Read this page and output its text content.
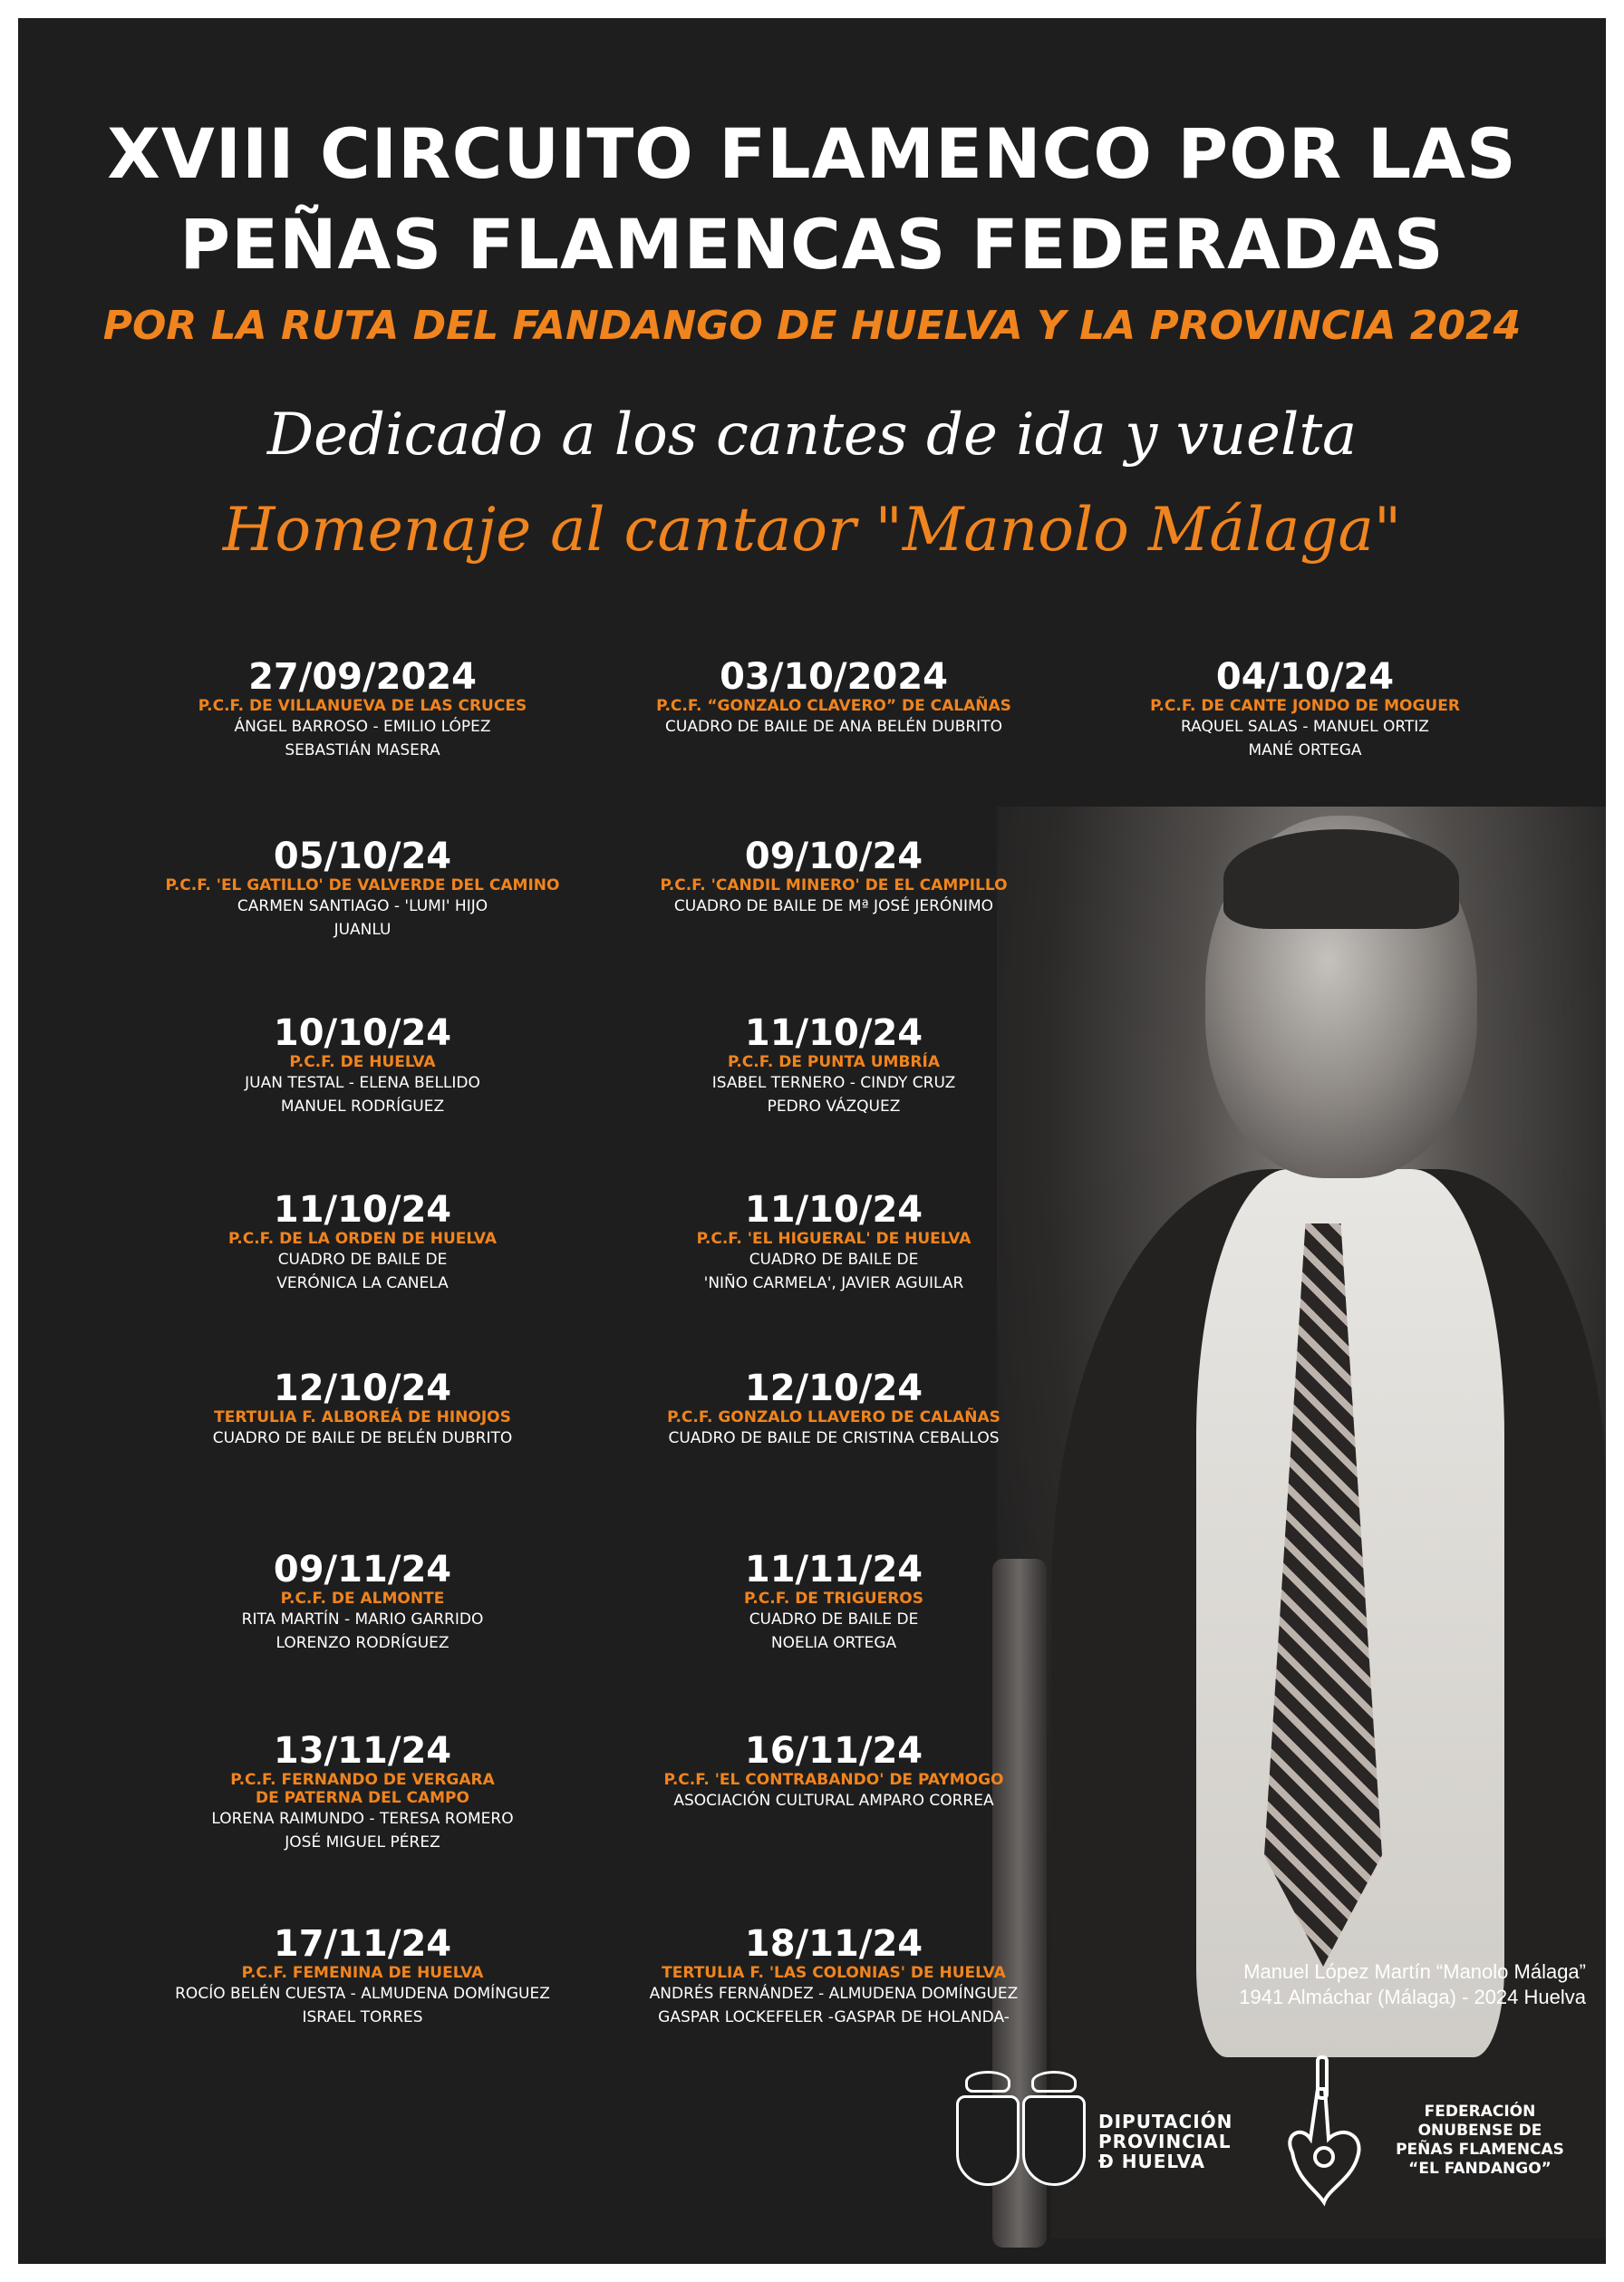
XVIII CIRCUITO FLAMENCO POR LAS
PEÑAS FLAMENCAS FEDERADAS
POR LA RUTA DEL FANDANGO DE HUELVA Y LA PROVINCIA 2024
Dedicado a los cantes de ida y vuelta
Homenaje al cantaor "Manolo Málaga"
27/09/2024
P.C.F. DE VILLANUEVA DE LAS CRUCES
ÁNGEL BARROSO - EMILIO LÓPEZ
SEBASTIÁN MASERA
03/10/2024
P.C.F. “GONZALO CLAVERO” DE CALAÑAS
CUADRO DE BAILE DE ANA BELÉN DUBRITO
04/10/24
P.C.F. DE CANTE JONDO DE MOGUER
RAQUEL SALAS - MANUEL ORTIZ
MANÉ ORTEGA
05/10/24
P.C.F. 'EL GATILLO' DE VALVERDE DEL CAMINO
CARMEN SANTIAGO - 'LUMI' HIJO
JUANLU
09/10/24
P.C.F. 'CANDIL MINERO' DE EL CAMPILLO
CUADRO DE BAILE DE Mª JOSÉ JERÓNIMO
10/10/24
P.C.F. DE HUELVA
JUAN TESTAL - ELENA BELLIDO
MANUEL RODRÍGUEZ
11/10/24
P.C.F. DE PUNTA UMBRÍA
ISABEL TERNERO - CINDY CRUZ
PEDRO VÁZQUEZ
11/10/24
P.C.F. DE LA ORDEN DE HUELVA
CUADRO DE BAILE DE
VERÓNICA LA CANELA
11/10/24
P.C.F. 'EL HIGUERAL' DE HUELVA
CUADRO DE BAILE DE
'NIÑO CARMELA', JAVIER AGUILAR
12/10/24
TERTULIA F. ALBOREÁ DE HINOJOS
CUADRO DE BAILE DE BELÉN DUBRITO
12/10/24
P.C.F. GONZALO LLAVERO DE CALAÑAS
CUADRO DE BAILE DE CRISTINA CEBALLOS
09/11/24
P.C.F. DE ALMONTE
RITA MARTÍN - MARIO GARRIDO
LORENZO RODRÍGUEZ
11/11/24
P.C.F. DE TRIGUEROS
CUADRO DE BAILE DE
NOELIA ORTEGA
13/11/24
P.C.F. FERNANDO DE VERGARA
DE PATERNA DEL CAMPO
LORENA RAIMUNDO - TERESA ROMERO
JOSÉ MIGUEL PÉREZ
16/11/24
P.C.F. 'EL CONTRABANDO' DE PAYMOGO
ASOCIACIÓN CULTURAL AMPARO CORREA
17/11/24
P.C.F. FEMENINA DE HUELVA
ROCÍO BELÉN CUESTA - ALMUDENA DOMÍNGUEZ
ISRAEL TORRES
18/11/24
TERTULIA F. 'LAS COLONIAS' DE HUELVA
ANDRÉS FERNÁNDEZ - ALMUDENA DOMÍNGUEZ
GASPAR LOCKEFELER -GASPAR DE HOLANDA-
Manuel López Martín “Manolo Málaga”
1941 Almáchar (Málaga) - 2024 Huelva
DIPUTACIÓN
PROVINCIAL
Ð HUELVA
FEDERACIÓN
ONUBENSE DE
PEÑAS FLAMENCAS
“EL FANDANGO”
